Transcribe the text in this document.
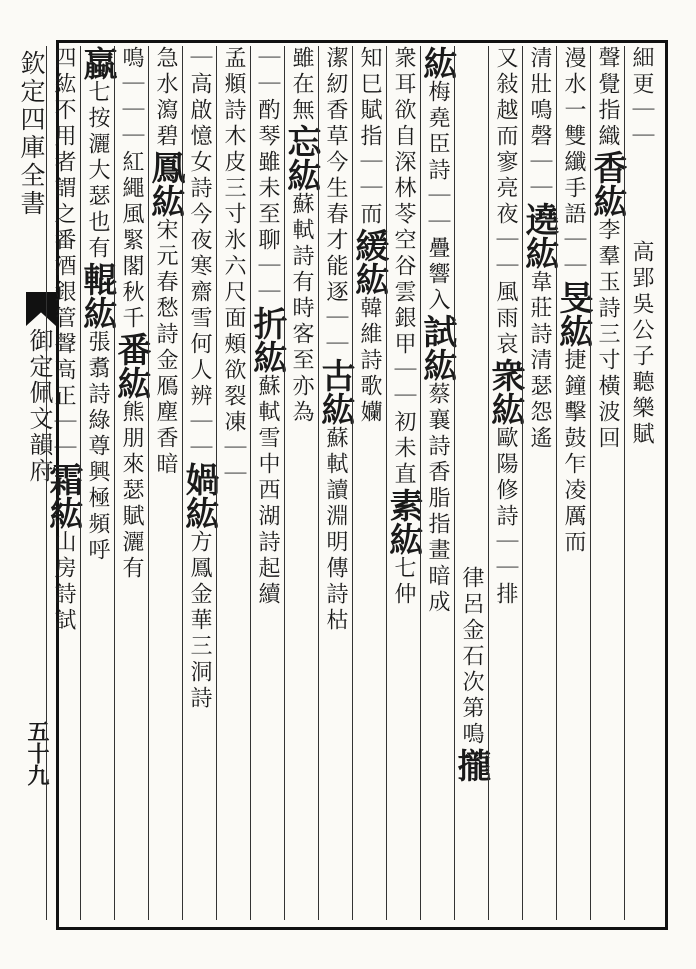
欽定四庫全書
御定佩文韻府
五十九
細更｜｜高郢吳公子聽樂賦
聲覺指織香紘李羣玉詩三寸橫波回
漫水一雙纖手語｜｜旻紘捷鐘擊鼓乍凌厲而
清壯鳴磬｜｜遶紘韋莊詩清瑟怨遙
又敍越而寥亮夜｜｜風雨哀衆紘歐陽修詩｜｜排
律呂金石次第鳴攏
紘梅堯臣詩｜｜疊響入試紘蔡襄詩香脂指畫暗成
衆耳欲自深林苓空谷雲銀甲｜｜初未直素紘七仲
知巳賦指｜｜而緩紘韓維詩歌孏
潔紉香草今生春才能逐｜｜古紘蘇軾讀淵明傳詩枯
雖在無忘紘蘇軾詩有時客至亦為
｜｜酌琴雖未至聊｜｜折紘蘇軾雪中西湖詩起續
孟頫詩木皮三寸氷六尺面頰欲裂凍｜｜
｜高啟憶女詩今夜寒齋雪何人辨｜｜媧紘方鳳金華三洞詩
急水瀉碧鳳紘宋元春愁詩金鴈塵香暗
鳴｜｜｜紅繩風緊閣秋千番紘熊朋來瑟賦灑有
蠃七按灑大瑟也有輥紘張翥詩綠尊興極頻呼
四紘不用者謂之番酒銀管聲高正｜｜霜紘山房詩試
